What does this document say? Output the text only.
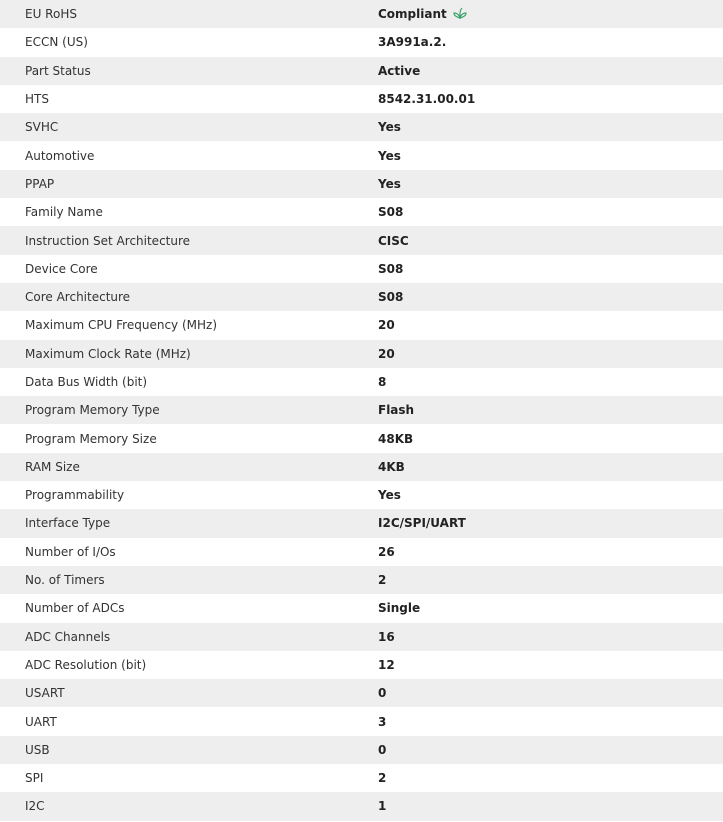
EU RoHS	Compliant
ECCN (US)	3A991a.2.
Part Status	Active
HTS	8542.31.00.01
SVHC	Yes
Automotive	Yes
PPAP	Yes
Family Name	S08
Instruction Set Architecture	CISC
Device Core	S08
Core Architecture	S08
Maximum CPU Frequency (MHz)	20
Maximum Clock Rate (MHz)	20
Data Bus Width (bit)	8
Program Memory Type	Flash
Program Memory Size	48KB
RAM Size	4KB
Programmability	Yes
Interface Type	I2C/SPI/UART
Number of I/Os	26
No. of Timers	2
Number of ADCs	Single
ADC Channels	16
ADC Resolution (bit)	12
USART	0
UART	3
USB	0
SPI	2
I2C	1
